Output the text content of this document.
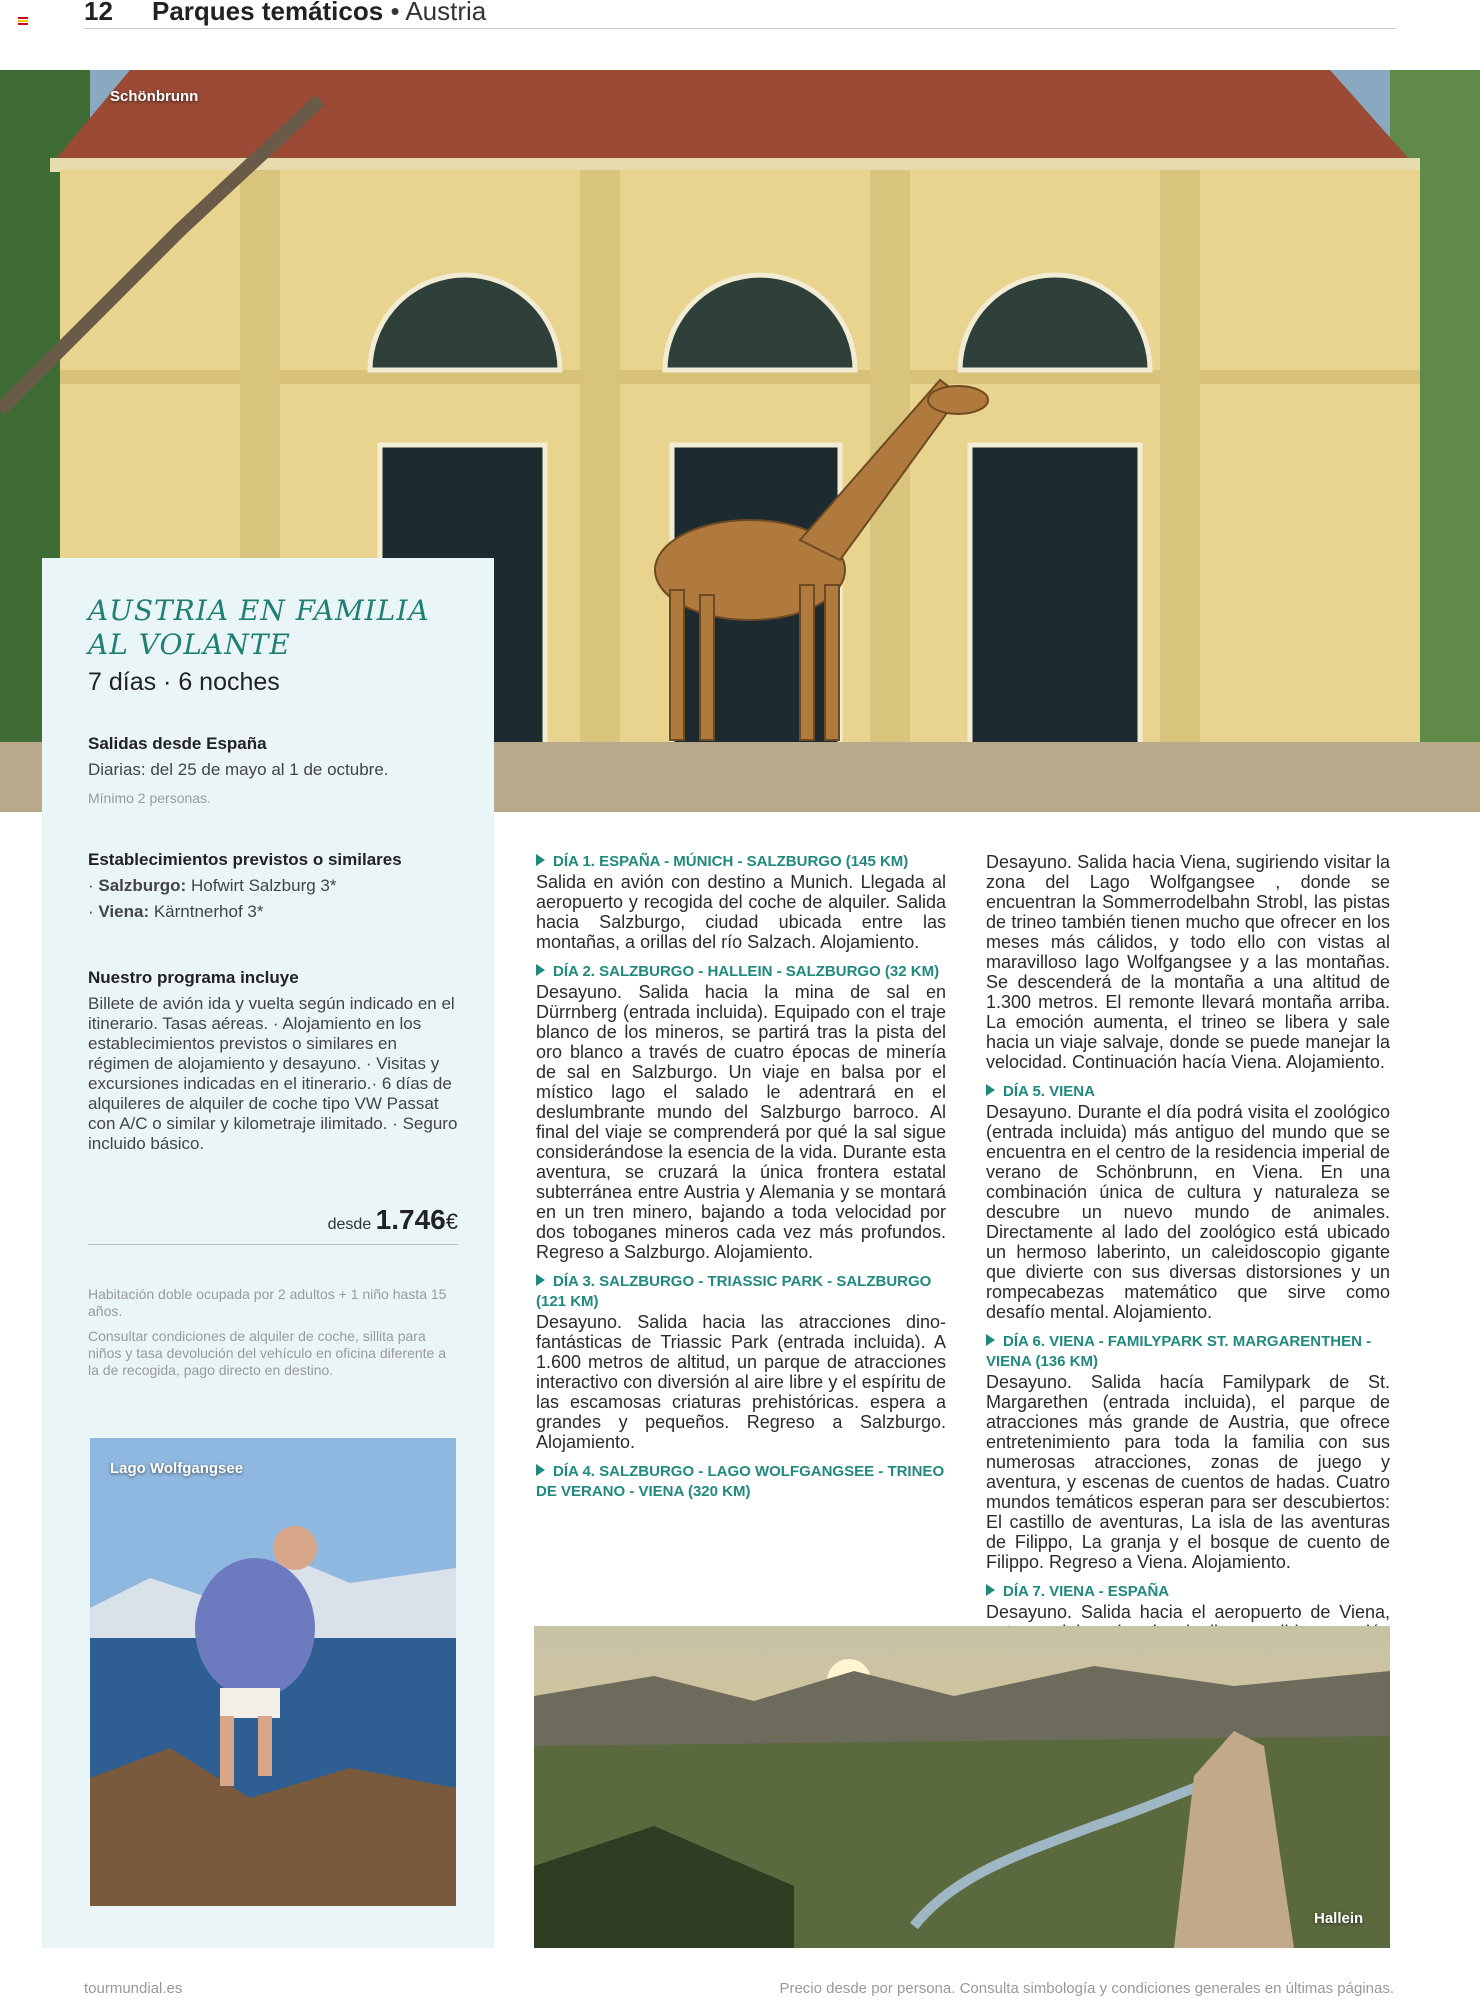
12 Parques temáticos • Austria
Schönbrunn
AUSTRIA EN FAMILIA AL VOLANTE
7 días · 6 noches
Salidas desde España
Diarias: del 25 de mayo al 1 de octubre.
Mínimo 2 personas.
Establecimientos previstos o similares
· Salzburgo: Hofwirt Salzburg 3*
· Viena: Kärntnerhof 3*
Nuestro programa incluye
Billete de avión ida y vuelta según indicado en el itinerario. Tasas aéreas. · Alojamiento en los establecimientos previstos o similares en régimen de alojamiento y desayuno. · Visitas y excursiones indicadas en el itinerario.· 6 días de alquileres de alquiler de coche tipo VW Passat con A/C o similar y kilometraje ilimitado. · Seguro incluido básico.
desde 1.746€
Habitación doble ocupada por 2 adultos + 1 niño hasta 15 años.
Consultar condiciones de alquiler de coche, sillita para niños y tasa devolución del vehículo en oficina diferente a la de recogida, pago directo en destino.
Lago Wolfgangsee
DÍA 1. ESPAÑA - MÚNICH - SALZBURGO (145 KM)
Salida en avión con destino a Munich. Llegada al aeropuerto y recogida del coche de alquiler. Salida hacia Salzburgo, ciudad ubicada entre las montañas, a orillas del río Salzach. Alojamiento.
DÍA 2. SALZBURGO - HALLEIN - SALZBURGO (32 KM)
Desayuno. Salida hacia la mina de sal en Dürrnberg (entrada incluida). Equipado con el traje blanco de los mineros, se partirá tras la pista del oro blanco a través de cuatro épocas de minería de sal en Salzburgo. Un viaje en balsa por el místico lago el salado le adentrará en el deslumbrante mundo del Salzburgo barroco. Al final del viaje se comprenderá por qué la sal sigue considerándose la esencia de la vida. Durante esta aventura, se cruzará la única frontera estatal subterránea entre Austria y Alemania y se montará en un tren minero, bajando a toda velocidad por dos toboganes mineros cada vez más profundos. Regreso a Salzburgo. Alojamiento.
DÍA 3. SALZBURGO - TRIASSIC PARK - SALZBURGO (121 KM)
Desayuno. Salida hacia las atracciones dino-fantásticas de Triassic Park (entrada incluida). A 1.600 metros de altitud, un parque de atracciones interactivo con diversión al aire libre y el espíritu de las escamosas criaturas prehistóricas. espera a grandes y pequeños. Regreso a Salzburgo. Alojamiento.
DÍA 4. SALZBURGO - LAGO WOLFGANGSEE - TRINEO DE VERANO - VIENA (320 KM)
Desayuno. Salida hacia Viena, sugiriendo visitar la zona del Lago Wolfgangsee , donde se encuentran la Sommerrodelbahn Strobl, las pistas de trineo también tienen mucho que ofrecer en los meses más cálidos, y todo ello con vistas al maravilloso lago Wolfgangsee y a las montañas. Se descenderá de la montaña a una altitud de 1.300 metros. El remonte llevará montaña arriba. La emoción aumenta, el trineo se libera y sale hacia un viaje salvaje, donde se puede manejar la velocidad. Continuación hacía Viena. Alojamiento.
DÍA 5. VIENA
Desayuno. Durante el día podrá visita el zoológico (entrada incluida) más antiguo del mundo que se encuentra en el centro de la residencia imperial de verano de Schönbrunn, en Viena. En una combinación única de cultura y naturaleza se descubre un nuevo mundo de animales. Directamente al lado del zoológico está ubicado un hermoso laberinto, un caleidoscopio gigante que divierte con sus diversas distorsiones y un rompecabezas matemático que sirve como desafío mental. Alojamiento.
DÍA 6. VIENA - FAMILYPARK ST. MARGARENTHEN - VIENA (136 KM)
Desayuno. Salida hacía Familypark de St. Margarethen (entrada incluida), el parque de atracciones más grande de Austria, que ofrece entretenimiento para toda la familia con sus numerosas atracciones, zonas de juego y aventura, y escenas de cuentos de hadas. Cuatro mundos temáticos esperan para ser descubiertos: El castillo de aventuras, La isla de las aventuras de Filippo, La granja y el bosque de cuento de Filippo. Regreso a Viena. Alojamiento.
DÍA 7. VIENA - ESPAÑA
Desayuno. Salida hacia el aeropuerto de Viena,
Hallein
tourmundial.es	Precio desde por persona. Consulta simbología y condiciones generales en últimas páginas.
